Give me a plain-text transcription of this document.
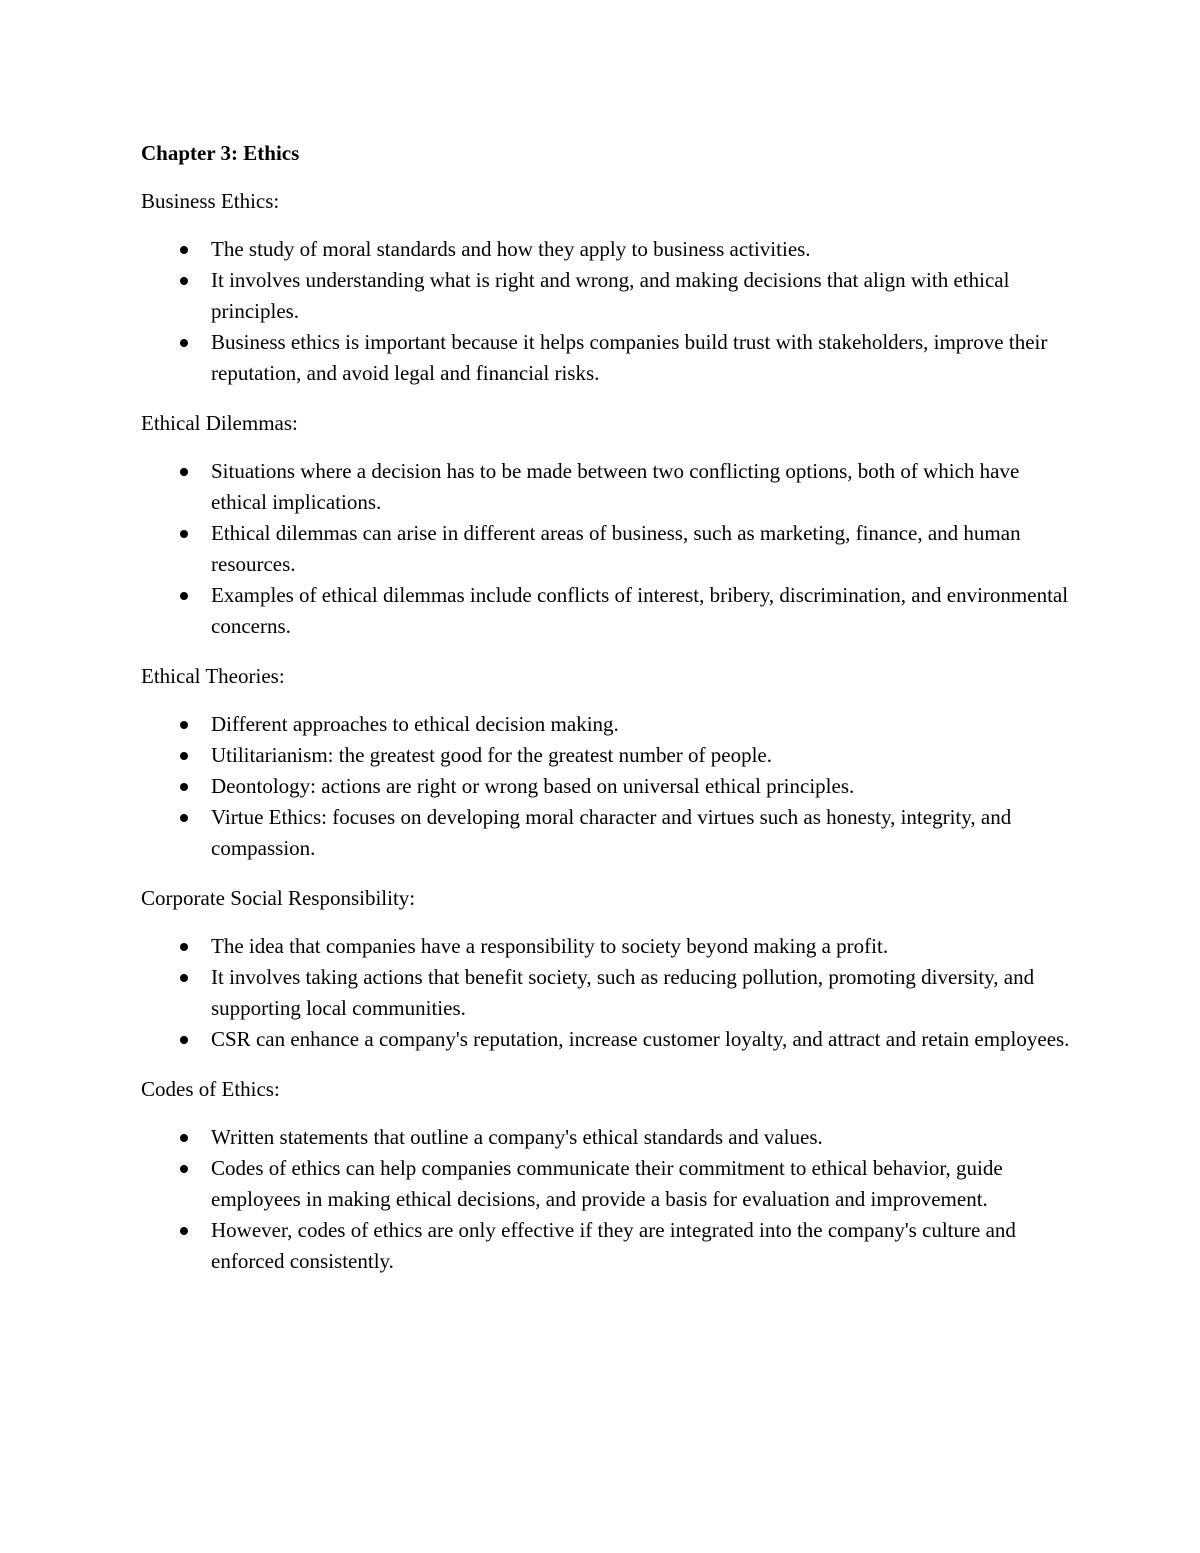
Chapter 3: Ethics
Business Ethics:
The study of moral standards and how they apply to business activities.
It involves understanding what is right and wrong, and making decisions that align with ethical principles.
Business ethics is important because it helps companies build trust with stakeholders, improve their reputation, and avoid legal and financial risks.
Ethical Dilemmas:
Situations where a decision has to be made between two conflicting options, both of which have ethical implications.
Ethical dilemmas can arise in different areas of business, such as marketing, finance, and human resources.
Examples of ethical dilemmas include conflicts of interest, bribery, discrimination, and environmental concerns.
Ethical Theories:
Different approaches to ethical decision making.
Utilitarianism: the greatest good for the greatest number of people.
Deontology: actions are right or wrong based on universal ethical principles.
Virtue Ethics: focuses on developing moral character and virtues such as honesty, integrity, and compassion.
Corporate Social Responsibility:
The idea that companies have a responsibility to society beyond making a profit.
It involves taking actions that benefit society, such as reducing pollution, promoting diversity, and supporting local communities.
CSR can enhance a company's reputation, increase customer loyalty, and attract and retain employees.
Codes of Ethics:
Written statements that outline a company's ethical standards and values.
Codes of ethics can help companies communicate their commitment to ethical behavior, guide employees in making ethical decisions, and provide a basis for evaluation and improvement.
However, codes of ethics are only effective if they are integrated into the company's culture and enforced consistently.
